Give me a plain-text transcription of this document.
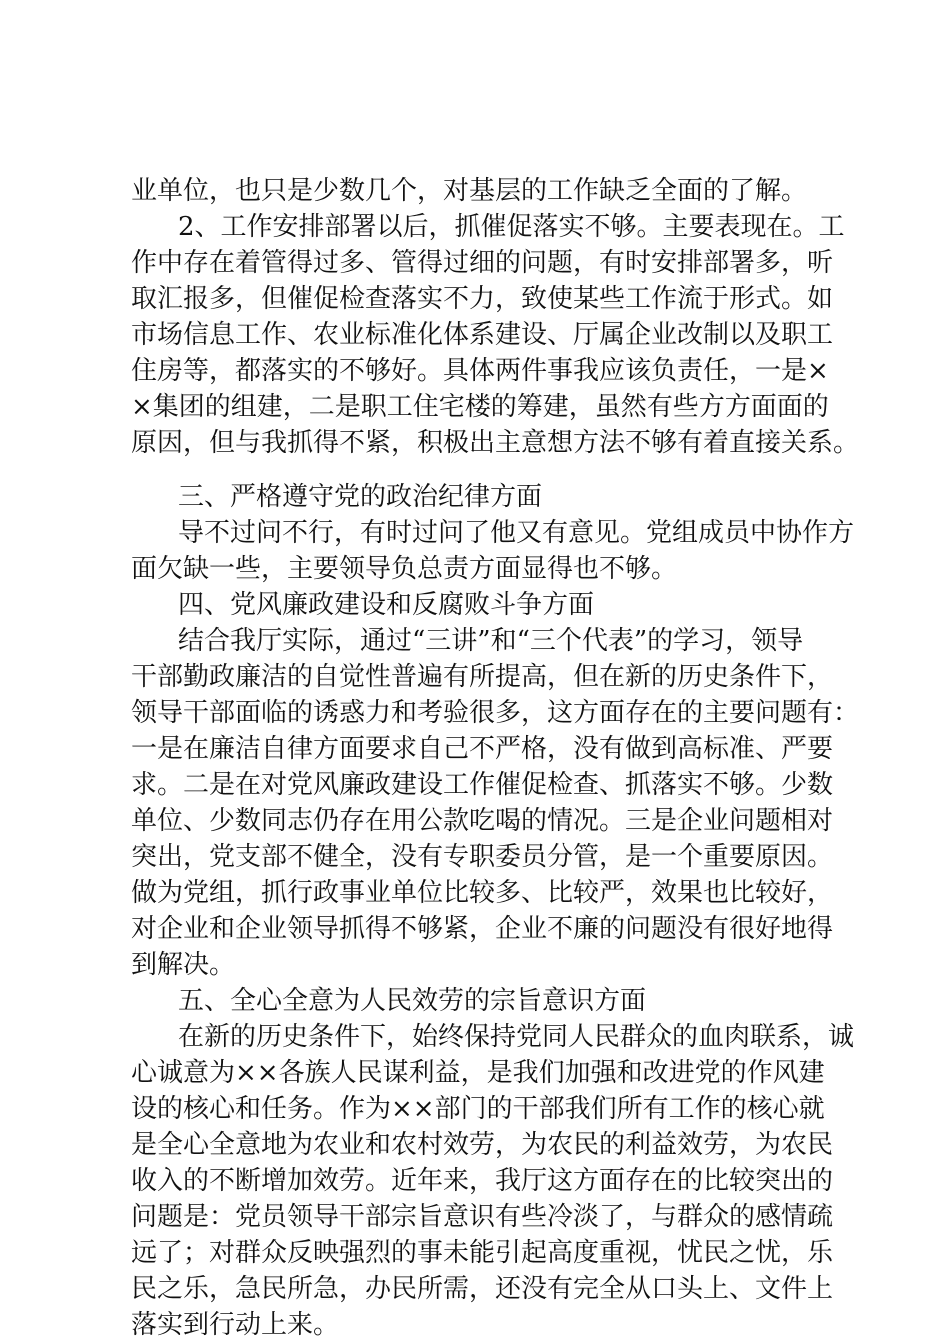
业单位，也只是少数几个，对基层的工作缺乏全面的了解。
2、工作安排部署以后，抓催促落实不够。主要表现在。工
作中存在着管得过多、管得过细的问题，有时安排部署多，听
取汇报多，但催促检查落实不力，致使某些工作流于形式。如
市场信息工作、农业标准化体系建设、厅属企业改制以及职工
住房等，都落实的不够好。具体两件事我应该负责任，一是×
×集团的组建，二是职工住宅楼的筹建，虽然有些方方面面的
原因，但与我抓得不紧，积极出主意想方法不够有着直接关系。
三、严格遵守党的政治纪律方面
导不过问不行，有时过问了他又有意见。党组成员中协作方
面欠缺一些，主要领导负总责方面显得也不够。
四、党风廉政建设和反腐败斗争方面
结合我厅实际，通过“三讲”和“三个代表”的学习，领导
干部勤政廉洁的自觉性普遍有所提高，但在新的历史条件下，
领导干部面临的诱惑力和考验很多，这方面存在的主要问题有：
一是在廉洁自律方面要求自己不严格，没有做到高标准、严要
求。二是在对党风廉政建设工作催促检查、抓落实不够。少数
单位、少数同志仍存在用公款吃喝的情况。三是企业问题相对
突出，党支部不健全，没有专职委员分管，是一个重要原因。
做为党组，抓行政事业单位比较多、比较严，效果也比较好，
对企业和企业领导抓得不够紧，企业不廉的问题没有很好地得
到解决。
五、全心全意为人民效劳的宗旨意识方面
在新的历史条件下，始终保持党同人民群众的血肉联系，诚
心诚意为××各族人民谋利益，是我们加强和改进党的作风建
设的核心和任务。作为××部门的干部我们所有工作的核心就
是全心全意地为农业和农村效劳，为农民的利益效劳，为农民
收入的不断增加效劳。近年来，我厅这方面存在的比较突出的
问题是：党员领导干部宗旨意识有些冷淡了，与群众的感情疏
远了；对群众反映强烈的事未能引起高度重视，忧民之忧，乐
民之乐，急民所急，办民所需，还没有完全从口头上、文件上
落实到行动上来。
